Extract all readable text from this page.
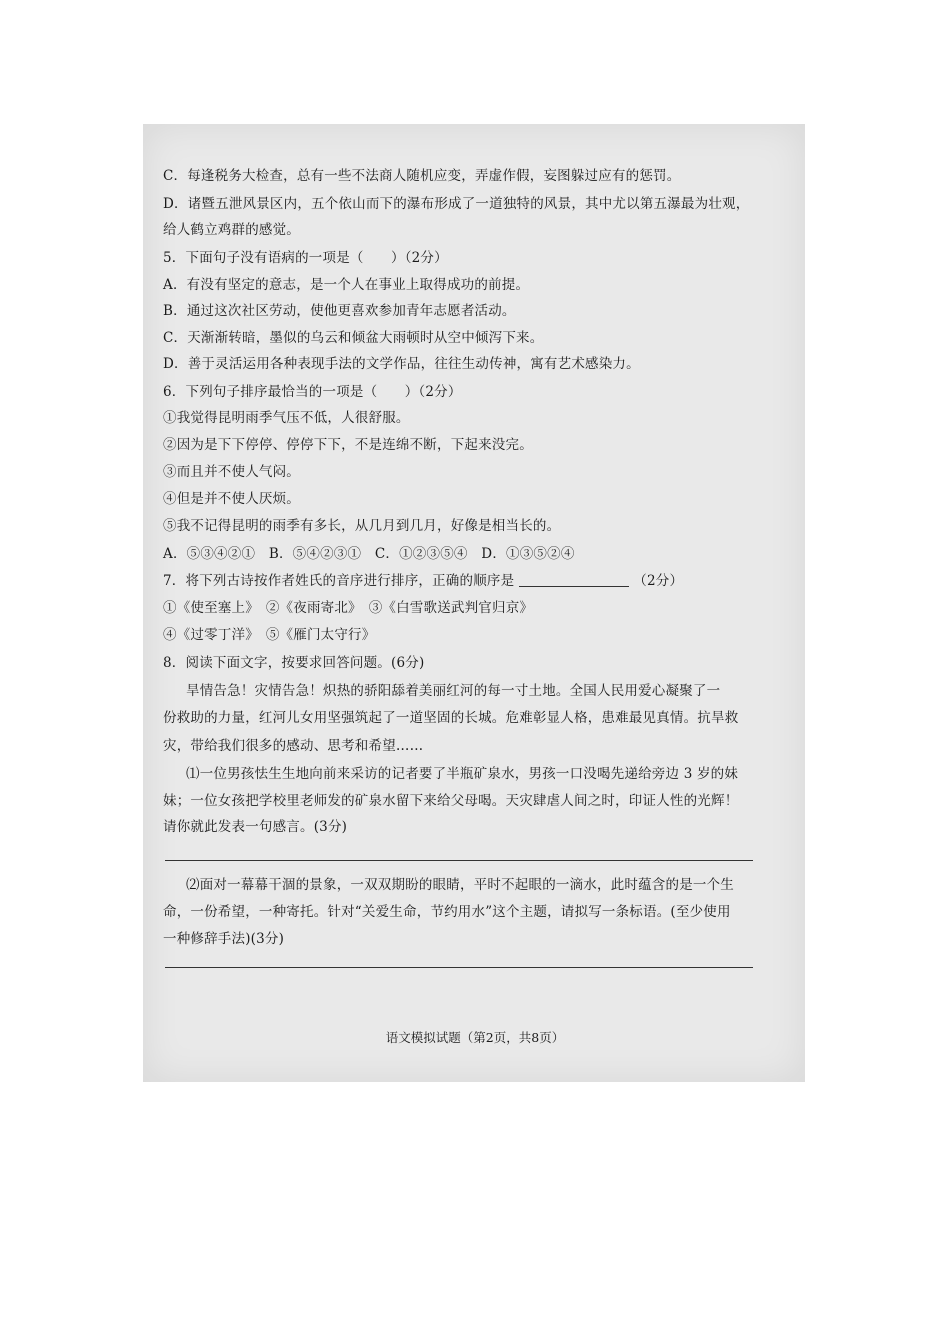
C．每逢税务大检查，总有一些不法商人随机应变，弄虚作假，妄图躲过应有的惩罚。
D．诸暨五泄风景区内，五个依山而下的瀑布形成了一道独特的风景，其中尤以第五瀑最为壮观，
给人鹤立鸡群的感觉。
5．下面句子没有语病的一项是（　　）（2分）
A．有没有坚定的意志，是一个人在事业上取得成功的前提。
B．通过这次社区劳动，使他更喜欢参加青年志愿者活动。
C．天渐渐转暗，墨似的乌云和倾盆大雨顿时从空中倾泻下来。
D．善于灵活运用各种表现手法的文学作品，往往生动传神，寓有艺术感染力。
6．下列句子排序最恰当的一项是（　　）（2分）
①我觉得昆明雨季气压不低，人很舒服。
②因为是下下停停、停停下下，不是连绵不断，下起来没完。
③而且并不使人气闷。
④但是并不使人厌烦。
⑤我不记得昆明的雨季有多长，从几月到几月，好像是相当长的。
A．⑤③④②①　B．⑤④②③①　C．①②③⑤④　D．①③⑤②④
7．将下列古诗按作者姓氏的音序进行排序，正确的顺序是	（2分）
①《使至塞上》　②《夜雨寄北》　③《白雪歌送武判官归京》
④《过零丁洋》　⑤《雁门太守行》
8．阅读下面文字，按要求回答问题。(6分)
旱情告急！灾情告急！炽热的骄阳舔着美丽红河的每一寸土地。全国人民用爱心凝聚了一
份救助的力量，红河儿女用坚强筑起了一道坚固的长城。危难彰显人格，患难最见真情。抗旱救
灾，带给我们很多的感动、思考和希望……
⑴一位男孩怯生生地向前来采访的记者要了半瓶矿泉水，男孩一口没喝先递给旁边 3 岁的妹
妹；一位女孩把学校里老师发的矿泉水留下来给父母喝。天灾肆虐人间之时，印证人性的光辉！
请你就此发表一句感言。(3分)
⑵面对一幕幕干涸的景象，一双双期盼的眼睛，平时不起眼的一滴水，此时蕴含的是一个生
命，一份希望，一种寄托。针对“关爱生命，节约用水”这个主题，请拟写一条标语。(至少使用
一种修辞手法)(3分)
语文模拟试题（第2页，共8页）
